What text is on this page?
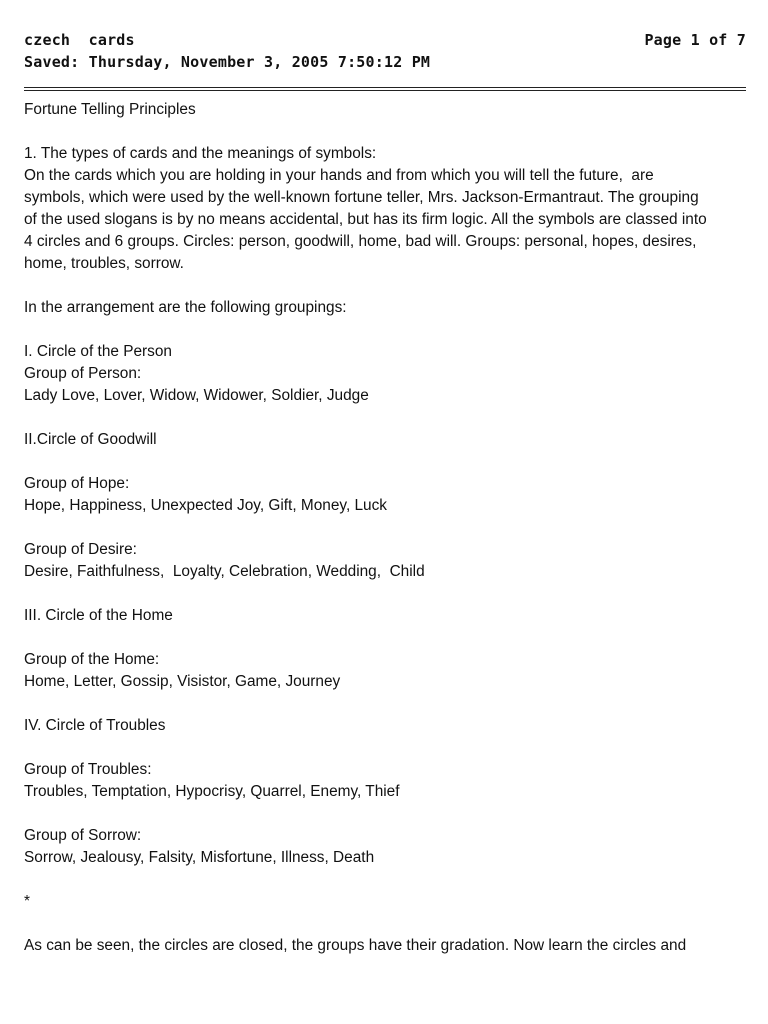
czech  cards	Page 1 of 7
Saved: Thursday, November 3, 2005 7:50:12 PM
Fortune Telling Principles
1. The types of cards and the meanings of symbols:
On the cards which you are holding in your hands and from which you will tell the future,  are
symbols, which were used by the well-known fortune teller, Mrs. Jackson-Ermantraut. The grouping
of the used slogans is by no means accidental, but has its firm logic. All the symbols are classed into
4 circles and 6 groups. Circles: person, goodwill, home, bad will. Groups: personal, hopes, desires,
home, troubles, sorrow.
In the arrangement are the following groupings:
I. Circle of the Person
Group of Person:
Lady Love, Lover, Widow, Widower, Soldier, Judge
II.Circle of Goodwill
Group of Hope:
Hope, Happiness, Unexpected Joy, Gift, Money, Luck
Group of Desire:
Desire, Faithfulness,  Loyalty, Celebration, Wedding,  Child
III. Circle of the Home
Group of the Home:
Home, Letter, Gossip, Visistor, Game, Journey
IV. Circle of Troubles
Group of Troubles:
Troubles, Temptation, Hypocrisy, Quarrel, Enemy, Thief
Group of Sorrow:
Sorrow, Jealousy, Falsity, Misfortune, Illness, Death
*
As can be seen, the circles are closed, the groups have their gradation. Now learn the circles and
